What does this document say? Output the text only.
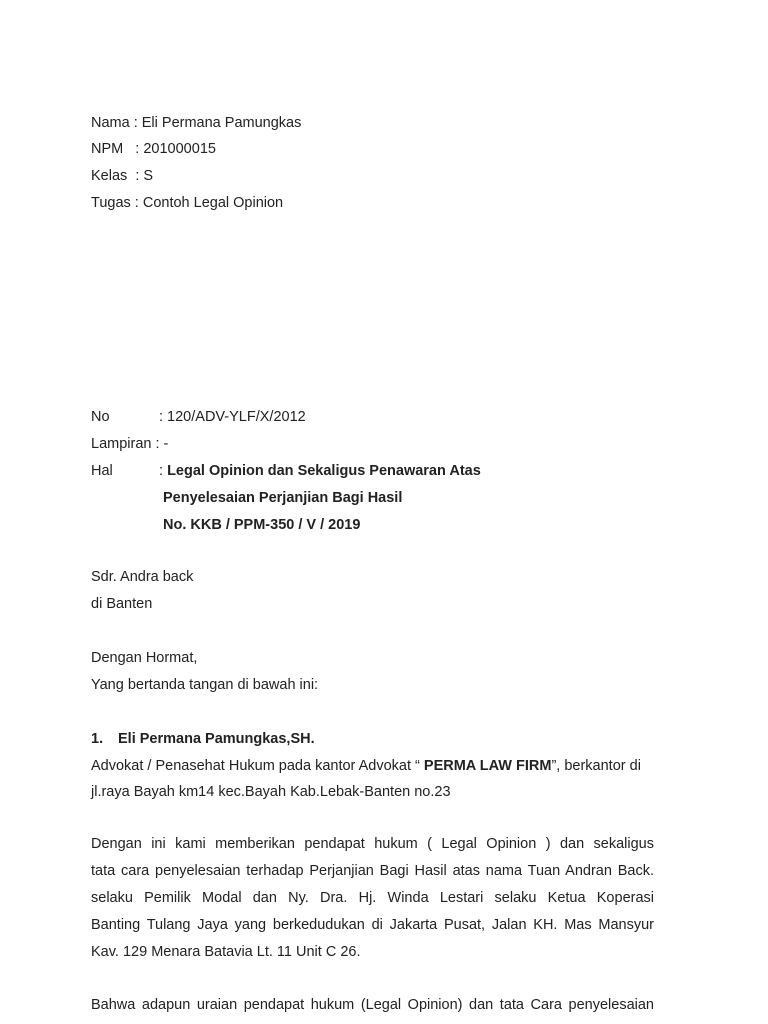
Nama : Eli Permana Pamungkas
NPM   : 201000015
Kelas  : S
Tugas : Contoh Legal Opinion
No	: 120/ADV-YLF/X/2012
Lampiran : -
Hal	: Legal Opinion dan Sekaligus Penawaran Atas
Penyelesaian Perjanjian Bagi Hasil
No. KKB / PPM-350 / V / 2019
Sdr. Andra back
di Banten
Dengan Hormat,
Yang bertanda tangan di bawah ini:
1. Eli Permana Pamungkas,SH.
Advokat / Penasehat Hukum pada kantor Advokat “ PERMA LAW FIRM”, berkantor di
jl.raya Bayah km14 kec.Bayah Kab.Lebak-Banten no.23
Dengan ini kami memberikan pendapat hukum ( Legal Opinion ) dan sekaligus
tata cara penyelesaian terhadap Perjanjian Bagi Hasil atas nama Tuan Andran Back.
selaku Pemilik Modal dan Ny. Dra. Hj. Winda Lestari selaku Ketua Koperasi
Banting Tulang Jaya yang berkedudukan di Jakarta Pusat, Jalan KH. Mas Mansyur
Kav. 129 Menara Batavia Lt. 11 Unit C 26.
Bahwa adapun uraian pendapat hukum (Legal Opinion) dan tata Cara penyelesaian
